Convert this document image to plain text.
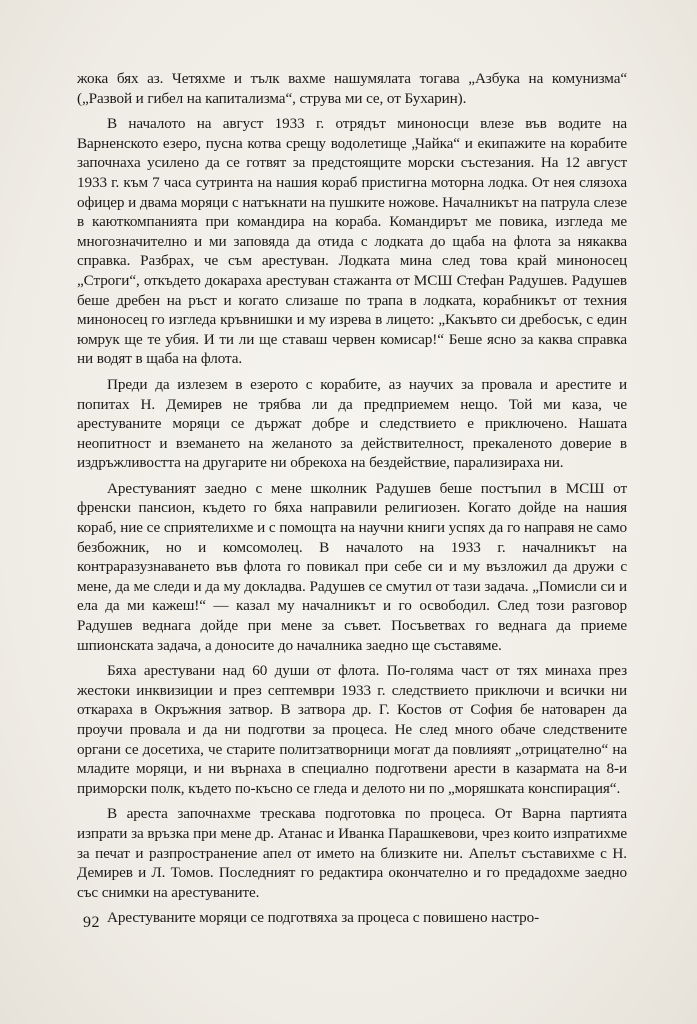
жока бях аз. Четяхме и тълк вахме нашумялата тогава „Азбука на комунизма“ („Развой и гибел на капитализма“, струва ми се, от Бухарин).

В началото на август 1933 г. отрядът миноносци влезе във водите на Варненското езеро, пусна котва срещу водолетище „Чайка“ и екипажите на корабите започнаха усилено да се готвят за предстоящите морски състезания. На 12 август 1933 г. към 7 часа сутринта на нашия кораб пристигна моторна лодка. От нея слязоха офицер и двама моряци с натъкнати на пушките ножове. Началникът на патрула слезе в каюткомпанията при командира на кораба. Командирът ме повика, изгледа ме многозначително и ми заповяда да отида с лодката до щаба на флота за някаква справка. Разбрах, че съм арестуван. Лодката мина след това край миноносец „Строги“, откъдето докараха арестуван стажанта от МСШ Стефан Радушев. Радушев беше дребен на ръст и когато слизаше по трапа в лодката, корабникът от техния миноносец го изгледа кръвнишки и му изрева в лицето: „Какъвто си дребосък, с един юмрук ще те убия. И ти ли ще ставаш червен комисар!“ Беше ясно за каква справка ни водят в щаба на флота.

Преди да излезем в езерото с корабите, аз научих за провала и арестите и попитах Н. Демирев не трябва ли да предприемем нещо. Той ми каза, че арестуваните моряци се държат добре и следствието е приключено. Нашата неопитност и вземането на желаното за действителност, прекаленото доверие в издръжливостта на другарите ни обрекоха на бездействие, парализираха ни.

Арестуваният заедно с мене школник Радушев беше постъпил в МСШ от френски пансион, където го бяха направили религиозен. Когато дойде на нашия кораб, ние се сприятелихме и с помощта на научни книги успях да го направя не само безбожник, но и комсомолец. В началото на 1933 г. началникът на контраразузнаването във флота го повикал при себе си и му възложил да дружи с мене, да ме следи и да му докладва. Радушев се смутил от тази задача. „Помисли си и ела да ми кажеш!“ — казал му началникът и го освободил. След този разговор Радушев веднага дойде при мене за съвет. Посъветвах го веднага да приеме шпионската задача, а доносите до началника заедно ще съставяме.

Бяха арестувани над 60 души от флота. По-голяма част от тях минаха през жестоки инквизиции и през септември 1933 г. следствието приключи и всички ни откараха в Окръжния затвор. В затвора др. Г. Костов от София бе натоварен да проучи провала и да ни подготви за процеса. Не след много обаче следствените органи се досетиха, че старите политзатворници могат да повлияят „отрицателно“ на младите моряци, и ни върнаха в специално подготвени арести в казармата на 8-и приморски полк, където по-късно се гледа и делото ни по „моряшката конспирация“.

В ареста започнахме трескава подготовка по процеса. От Варна партията изпрати за връзка при мене др. Атанас и Иванка Парашкевови, чрез които изпратихме за печат и разпространение апел от името на близките ни. Апелът съставихме с Н. Демирев и Л. Томов. Последният го редактира окончателно и го предадохме заедно със снимки на арестуваните.

Арестуваните моряци се подготвяха за процеса с повишено настро-

92
